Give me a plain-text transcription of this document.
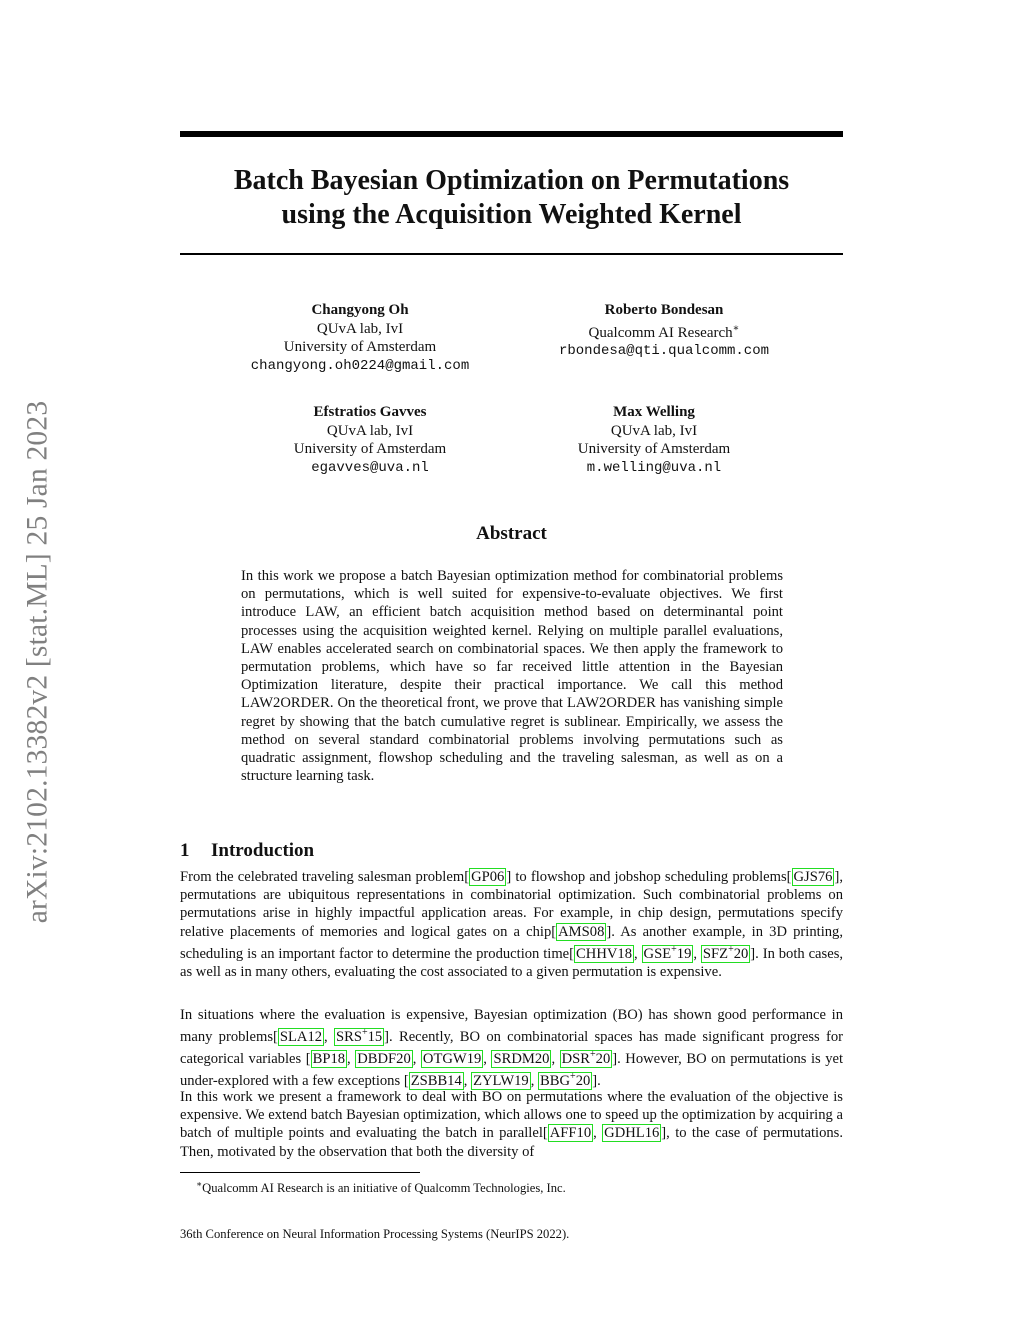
arXiv:2102.13382v2 [stat.ML] 25 Jan 2023
Batch Bayesian Optimization on Permutations
using the Acquisition Weighted Kernel
Changyong Oh
QUvA lab, IvI
University of Amsterdam
changyong.oh0224@gmail.com
Roberto Bondesan
Qualcomm AI Research∗
rbondesa@qti.qualcomm.com
Efstratios Gavves
QUvA lab, IvI
University of Amsterdam
egavves@uva.nl
Max Welling
QUvA lab, IvI
University of Amsterdam
m.welling@uva.nl
Abstract
In this work we propose a batch Bayesian optimization method for combinatorial problems on permutations, which is well suited for expensive-to-evaluate objectives. We first introduce LAW, an efficient batch acquisition method based on determinantal point processes using the acquisition weighted kernel. Relying on multiple parallel evaluations, LAW enables accelerated search on combinatorial spaces. We then apply the framework to permutation problems, which have so far received little attention in the Bayesian Optimization literature, despite their practical importance. We call this method LAW2ORDER. On the theoretical front, we prove that LAW2ORDER has vanishing simple regret by showing that the batch cumulative regret is sublinear. Empirically, we assess the method on several standard combinatorial problems involving permutations such as quadratic assignment, flowshop scheduling and the traveling salesman, as well as on a structure learning task.
1 Introduction
From the celebrated traveling salesman problem[ GP06 ] to flowshop and jobshop scheduling problems[ GJS76 ], permutations are ubiquitous representations in combinatorial optimization. Such combinatorial problems on permutations arise in highly impactful application areas. For example, in chip design, permutations specify relative placements of memories and logical gates on a chip[ AMS08 ]. As another example, in 3D printing, scheduling is an important factor to determine the production time[ CHHV18 , GSE+19 , SFZ+20 ]. In both cases, as well as in many others, evaluating the cost associated to a given permutation is expensive.
In situations where the evaluation is expensive, Bayesian optimization (BO) has shown good performance in many problems[ SLA12 , SRS+15 ]. Recently, BO on combinatorial spaces has made significant progress for categorical variables [ BP18 , DBDF20 , OTGW19 , SRDM20 , DSR+20 ]. However, BO on permutations is yet under-explored with a few exceptions [ ZSBB14 , ZYLW19 , BBG+20 ].
In this work we present a framework to deal with BO on permutations where the evaluation of the objective is expensive. We extend batch Bayesian optimization, which allows one to speed up the optimization by acquiring a batch of multiple points and evaluating the batch in parallel[ AFF10 , GDHL16 ], to the case of permutations. Then, motivated by the observation that both the diversity of
∗Qualcomm AI Research is an initiative of Qualcomm Technologies, Inc.
36th Conference on Neural Information Processing Systems (NeurIPS 2022).
